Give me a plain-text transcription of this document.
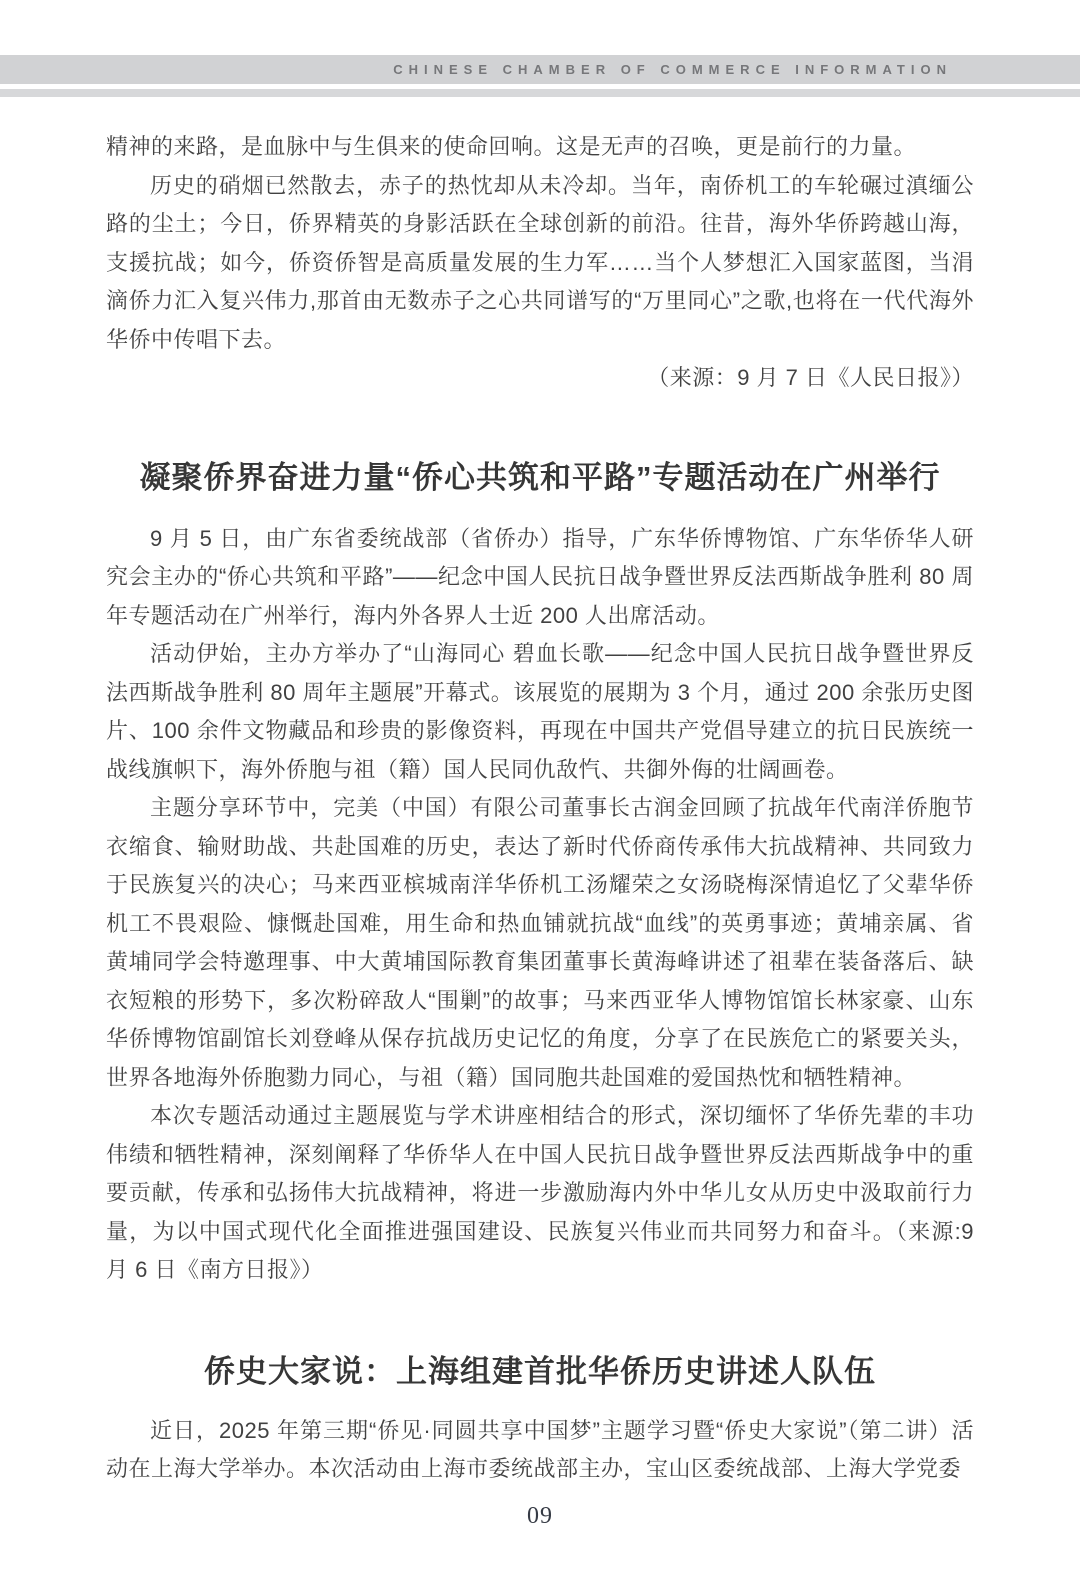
CHINESE CHAMBER OF COMMERCE INFORMATION

精神的来路，是血脉中与生俱来的使命回响。这是无声的召唤，更是前行的力量。

历史的硝烟已然散去，赤子的热忱却从未冷却。当年，南侨机工的车轮碾过滇缅公路的尘土；今日，侨界精英的身影活跃在全球创新的前沿。往昔，海外华侨跨越山海，支援抗战；如今，侨资侨智是高质量发展的生力军……当个人梦想汇入国家蓝图，当涓滴侨力汇入复兴伟力,那首由无数赤子之心共同谱写的“万里同心”之歌,也将在一代代海外华侨中传唱下去。

（来源：9 月 7 日《人民日报》）

凝聚侨界奋进力量“侨心共筑和平路”专题活动在广州举行

9 月 5 日，由广东省委统战部（省侨办）指导，广东华侨博物馆、广东华侨华人研究会主办的“侨心共筑和平路”——纪念中国人民抗日战争暨世界反法西斯战争胜利 80 周年专题活动在广州举行，海内外各界人士近 200 人出席活动。

活动伊始，主办方举办了“山海同心 碧血长歌——纪念中国人民抗日战争暨世界反法西斯战争胜利 80 周年主题展”开幕式。该展览的展期为 3 个月，通过 200 余张历史图片、100 余件文物藏品和珍贵的影像资料，再现在中国共产党倡导建立的抗日民族统一战线旗帜下，海外侨胞与祖（籍）国人民同仇敌忾、共御外侮的壮阔画卷。

主题分享环节中，完美（中国）有限公司董事长古润金回顾了抗战年代南洋侨胞节衣缩食、输财助战、共赴国难的历史，表达了新时代侨商传承伟大抗战精神、共同致力于民族复兴的决心；马来西亚槟城南洋华侨机工汤耀荣之女汤晓梅深情追忆了父辈华侨机工不畏艰险、慷慨赴国难，用生命和热血铺就抗战“血线”的英勇事迹；黄埔亲属、省黄埔同学会特邀理事、中大黄埔国际教育集团董事长黄海峰讲述了祖辈在装备落后、缺衣短粮的形势下，多次粉碎敌人“围剿”的故事；马来西亚华人博物馆馆长林家豪、山东华侨博物馆副馆长刘登峰从保存抗战历史记忆的角度，分享了在民族危亡的紧要关头，世界各地海外侨胞勠力同心，与祖（籍）国同胞共赴国难的爱国热忱和牺牲精神。

本次专题活动通过主题展览与学术讲座相结合的形式，深切缅怀了华侨先辈的丰功伟绩和牺牲精神，深刻阐释了华侨华人在中国人民抗日战争暨世界反法西斯战争中的重要贡献，传承和弘扬伟大抗战精神，将进一步激励海内外中华儿女从历史中汲取前行力量，为以中国式现代化全面推进强国建设、民族复兴伟业而共同努力和奋斗。（来源:9 月 6 日《南方日报》）

侨史大家说：上海组建首批华侨历史讲述人队伍

近日，2025 年第三期“侨见·同圆共享中国梦”主题学习暨“侨史大家说”（第二讲）活动在上海大学举办。本次活动由上海市委统战部主办，宝山区委统战部、上海大学党委

09
